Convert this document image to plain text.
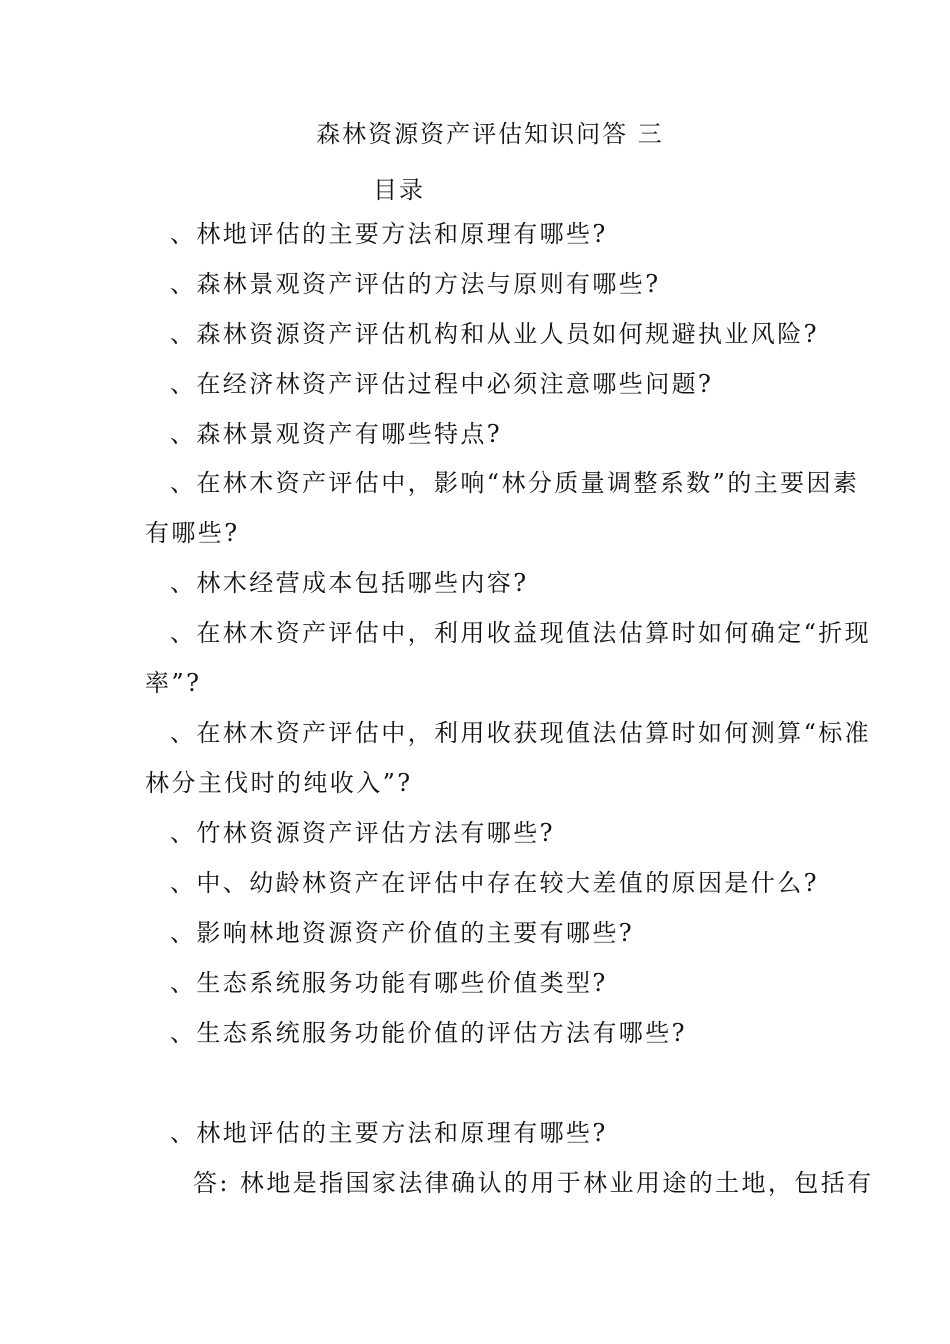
森林资源资产评估知识问答 三
目录
、林地评估的主要方法和原理有哪些?
、森林景观资产评估的方法与原则有哪些?
、森林资源资产评估机构和从业人员如何规避执业风险?
、在经济林资产评估过程中必须注意哪些问题?
、森林景观资产有哪些特点?
、在林木资产评估中，影响“林分质量调整系数”的主要因素
有哪些?
、林木经营成本包括哪些内容?
、在林木资产评估中，利用收益现值法估算时如何确定“折现
率”?
、在林木资产评估中，利用收获现值法估算时如何测算“标准
林分主伐时的纯收入”?
、竹林资源资产评估方法有哪些?
、中、幼龄林资产在评估中存在较大差值的原因是什么?
、影响林地资源资产价值的主要有哪些?
、生态系统服务功能有哪些价值类型?
、生态系统服务功能价值的评估方法有哪些?
、林地评估的主要方法和原理有哪些?
答: 林地是指国家法律确认的用于林业用途的土地，包括有
